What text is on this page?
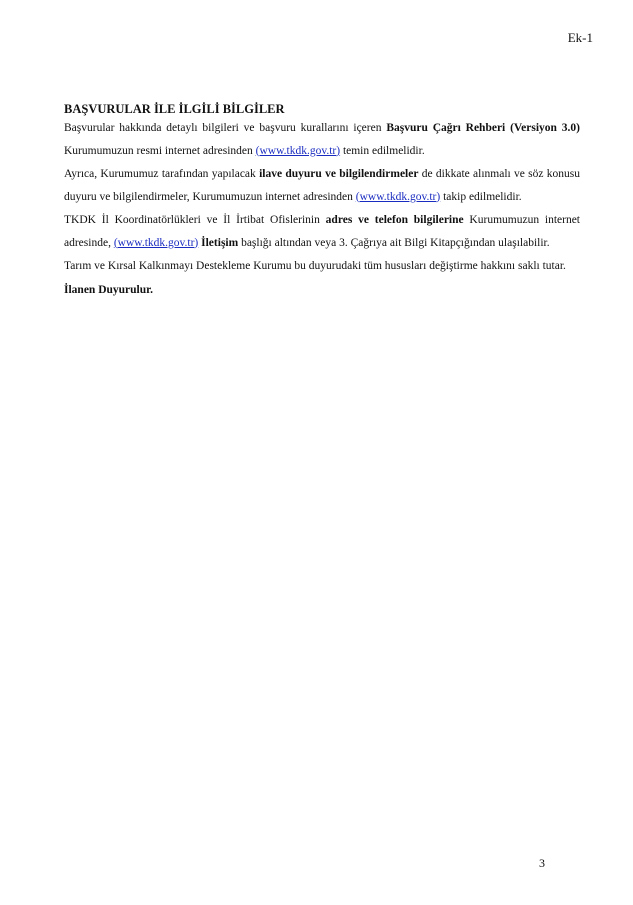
Ek-1

BAŞVURULAR İLE İLGİLİ BİLGİLER

Başvurular hakkında detaylı bilgileri ve başvuru kurallarını içeren Başvuru Çağrı Rehberi (Versiyon 3.0) Kurumumuzun resmi internet adresinden (www.tkdk.gov.tr) temin edilmelidir.

Ayrıca, Kurumumuz tarafından yapılacak ilave duyuru ve bilgilendirmeler de dikkate alınmalı ve söz konusu duyuru ve bilgilendirmeler, Kurumumuzun internet adresinden (www.tkdk.gov.tr) takip edilmelidir.

TKDK İl Koordinatörlükleri ve İl İrtibat Ofislerinin adres ve telefon bilgilerine Kurumumuzun internet adresinde, (www.tkdk.gov.tr) İletişim başlığı altından veya 3. Çağrıya ait Bilgi Kitapçığından ulaşılabilir.

Tarım ve Kırsal Kalkınmayı Destekleme Kurumu bu duyurudaki tüm hususları değiştirme hakkını saklı tutar.

İlanen Duyurulur.

3
